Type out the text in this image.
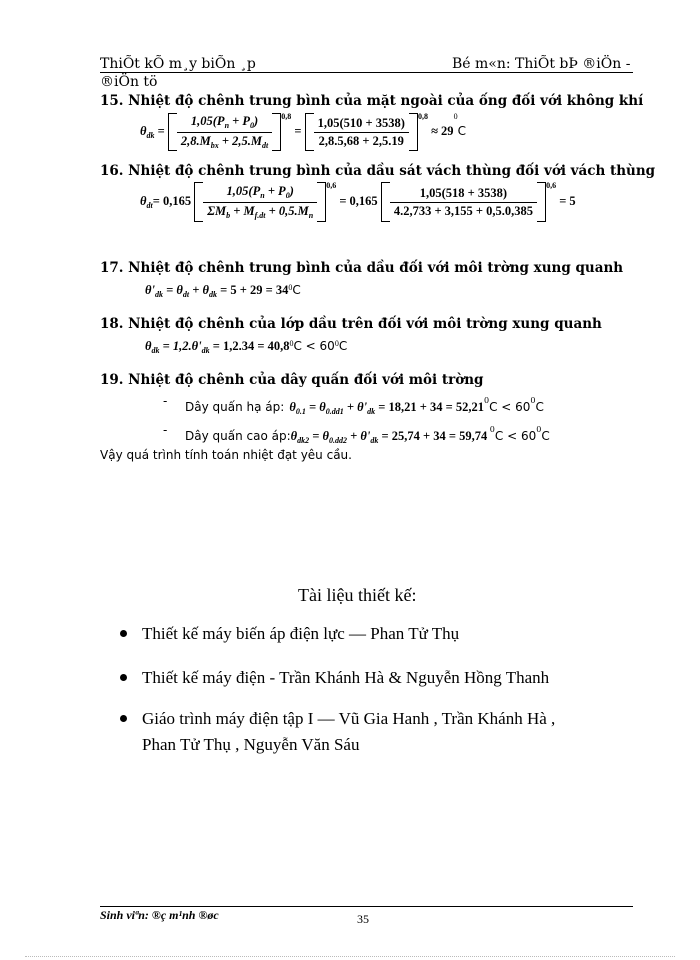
ThiÕt kÕ m¸y biÕn ¸p	Bé m«n: ThiÕt bÞ ®iÖn -
®iÖn tö
15. Nhiệt độ chênh trung bình của mặt ngoài của ống đối với không khí
$\theta_{dk} = \frac{1,05(P_n + P_0)}{2,8.M_{bx} + 2,5.M_{dt}} ^{0,8} = \frac{1,05(510 + 3538)}{2,8.5,68 + 2,5.19}$
$^{0,8} \approx 29^0C$
16. Nhiệt độ chênh trung bình của dầu sát vách thùng đối với vách thùng
$\theta_{dt}= 0,165 \frac{1,05(P_n + P_0)}{\Sigma M_b + M_{f.dt} + 0,5.M_n} ^{0,6} = 0,165 \frac{1,05(518 + 3538)}{4.2,733 + 3,155 + 0,5.0,385}$
$^{0,6}$ = 5
17. Nhiệt độ chênh trung bình của dầu đối với môi trờng xung quanh
$\theta'_{dk} = \theta_{dt} + \theta_{dk} = 5 + 29 = 34^0C$
18. Nhiệt độ chênh của lớp dầu trên đối với môi trờng xung quanh
$\theta_{dk} = 1,2.\theta'_{dk} = 1,2.34 = 40,8^0C < 60^0C$
19. Nhiệt độ chênh của dây quấn đối với môi trờng
- Dây quấn hạ áp: $\theta_{0.1} = \theta_{0.dd1} + \theta'_{dk} = 18,21 + 34 = 52,21^0C < 60^0C$
- Dây quấn cao $áp:\theta_{dk2} = \theta_{0.dd2} + \theta'_{dk} = 25,74 + 34 = 59,74$ $^0C < 60^0C$
Vậy quá trình tính toán nhiệt đạt yêu cầu.
Tài liệu thiết kế:
Thiết kế máy biến áp điện lực — Phan Tử Thụ
Thiết kế máy điện - Trần Khánh Hà & Nguyễn Hồng Thanh
Giáo trình máy điện tập I — Vũ Gia Hanh , Trần Khánh Hà ,
Phan Tử Thụ , Nguyễn Văn Sáu
Sinh viªn: ®ç m¹nh ®øc	35
